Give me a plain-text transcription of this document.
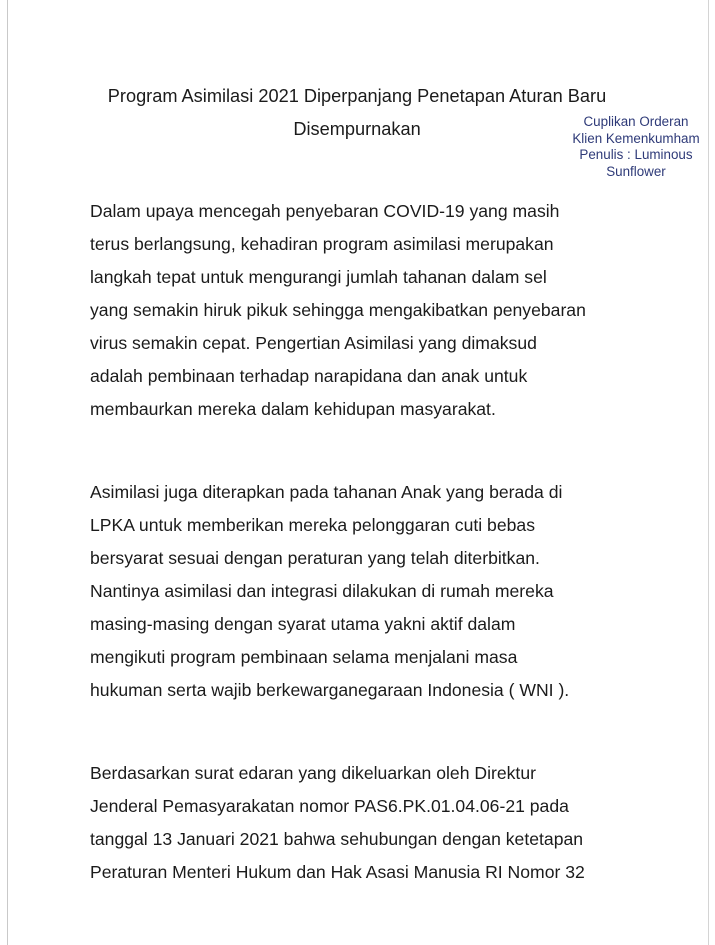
Program Asimilasi 2021 Diperpanjang Penetapan Aturan Baru
Disempurnakan	Cuplikan Orderan
Klien Kemenkumham
Penulis : Luminous
Sunflower
Dalam upaya mencegah penyebaran COVID-19 yang masih
terus berlangsung, kehadiran program asimilasi merupakan
langkah tepat untuk mengurangi jumlah tahanan dalam sel
yang semakin hiruk pikuk sehingga mengakibatkan penyebaran
virus semakin cepat. Pengertian Asimilasi yang dimaksud
adalah pembinaan terhadap narapidana dan anak untuk
membaurkan mereka dalam kehidupan masyarakat.
Asimilasi juga diterapkan pada tahanan Anak yang berada di
LPKA untuk memberikan mereka pelonggaran cuti bebas
bersyarat sesuai dengan peraturan yang telah diterbitkan.
Nantinya asimilasi dan integrasi dilakukan di rumah mereka
masing-masing dengan syarat utama yakni aktif dalam
mengikuti program pembinaan selama menjalani masa
hukuman serta wajib berkewarganegaraan Indonesia ( WNI ).
Berdasarkan surat edaran yang dikeluarkan oleh Direktur
Jenderal Pemasyarakatan nomor PAS6.PK.01.04.06-21 pada
tanggal 13 Januari 2021 bahwa sehubungan dengan ketetapan
Peraturan Menteri Hukum dan Hak Asasi Manusia RI Nomor 32
